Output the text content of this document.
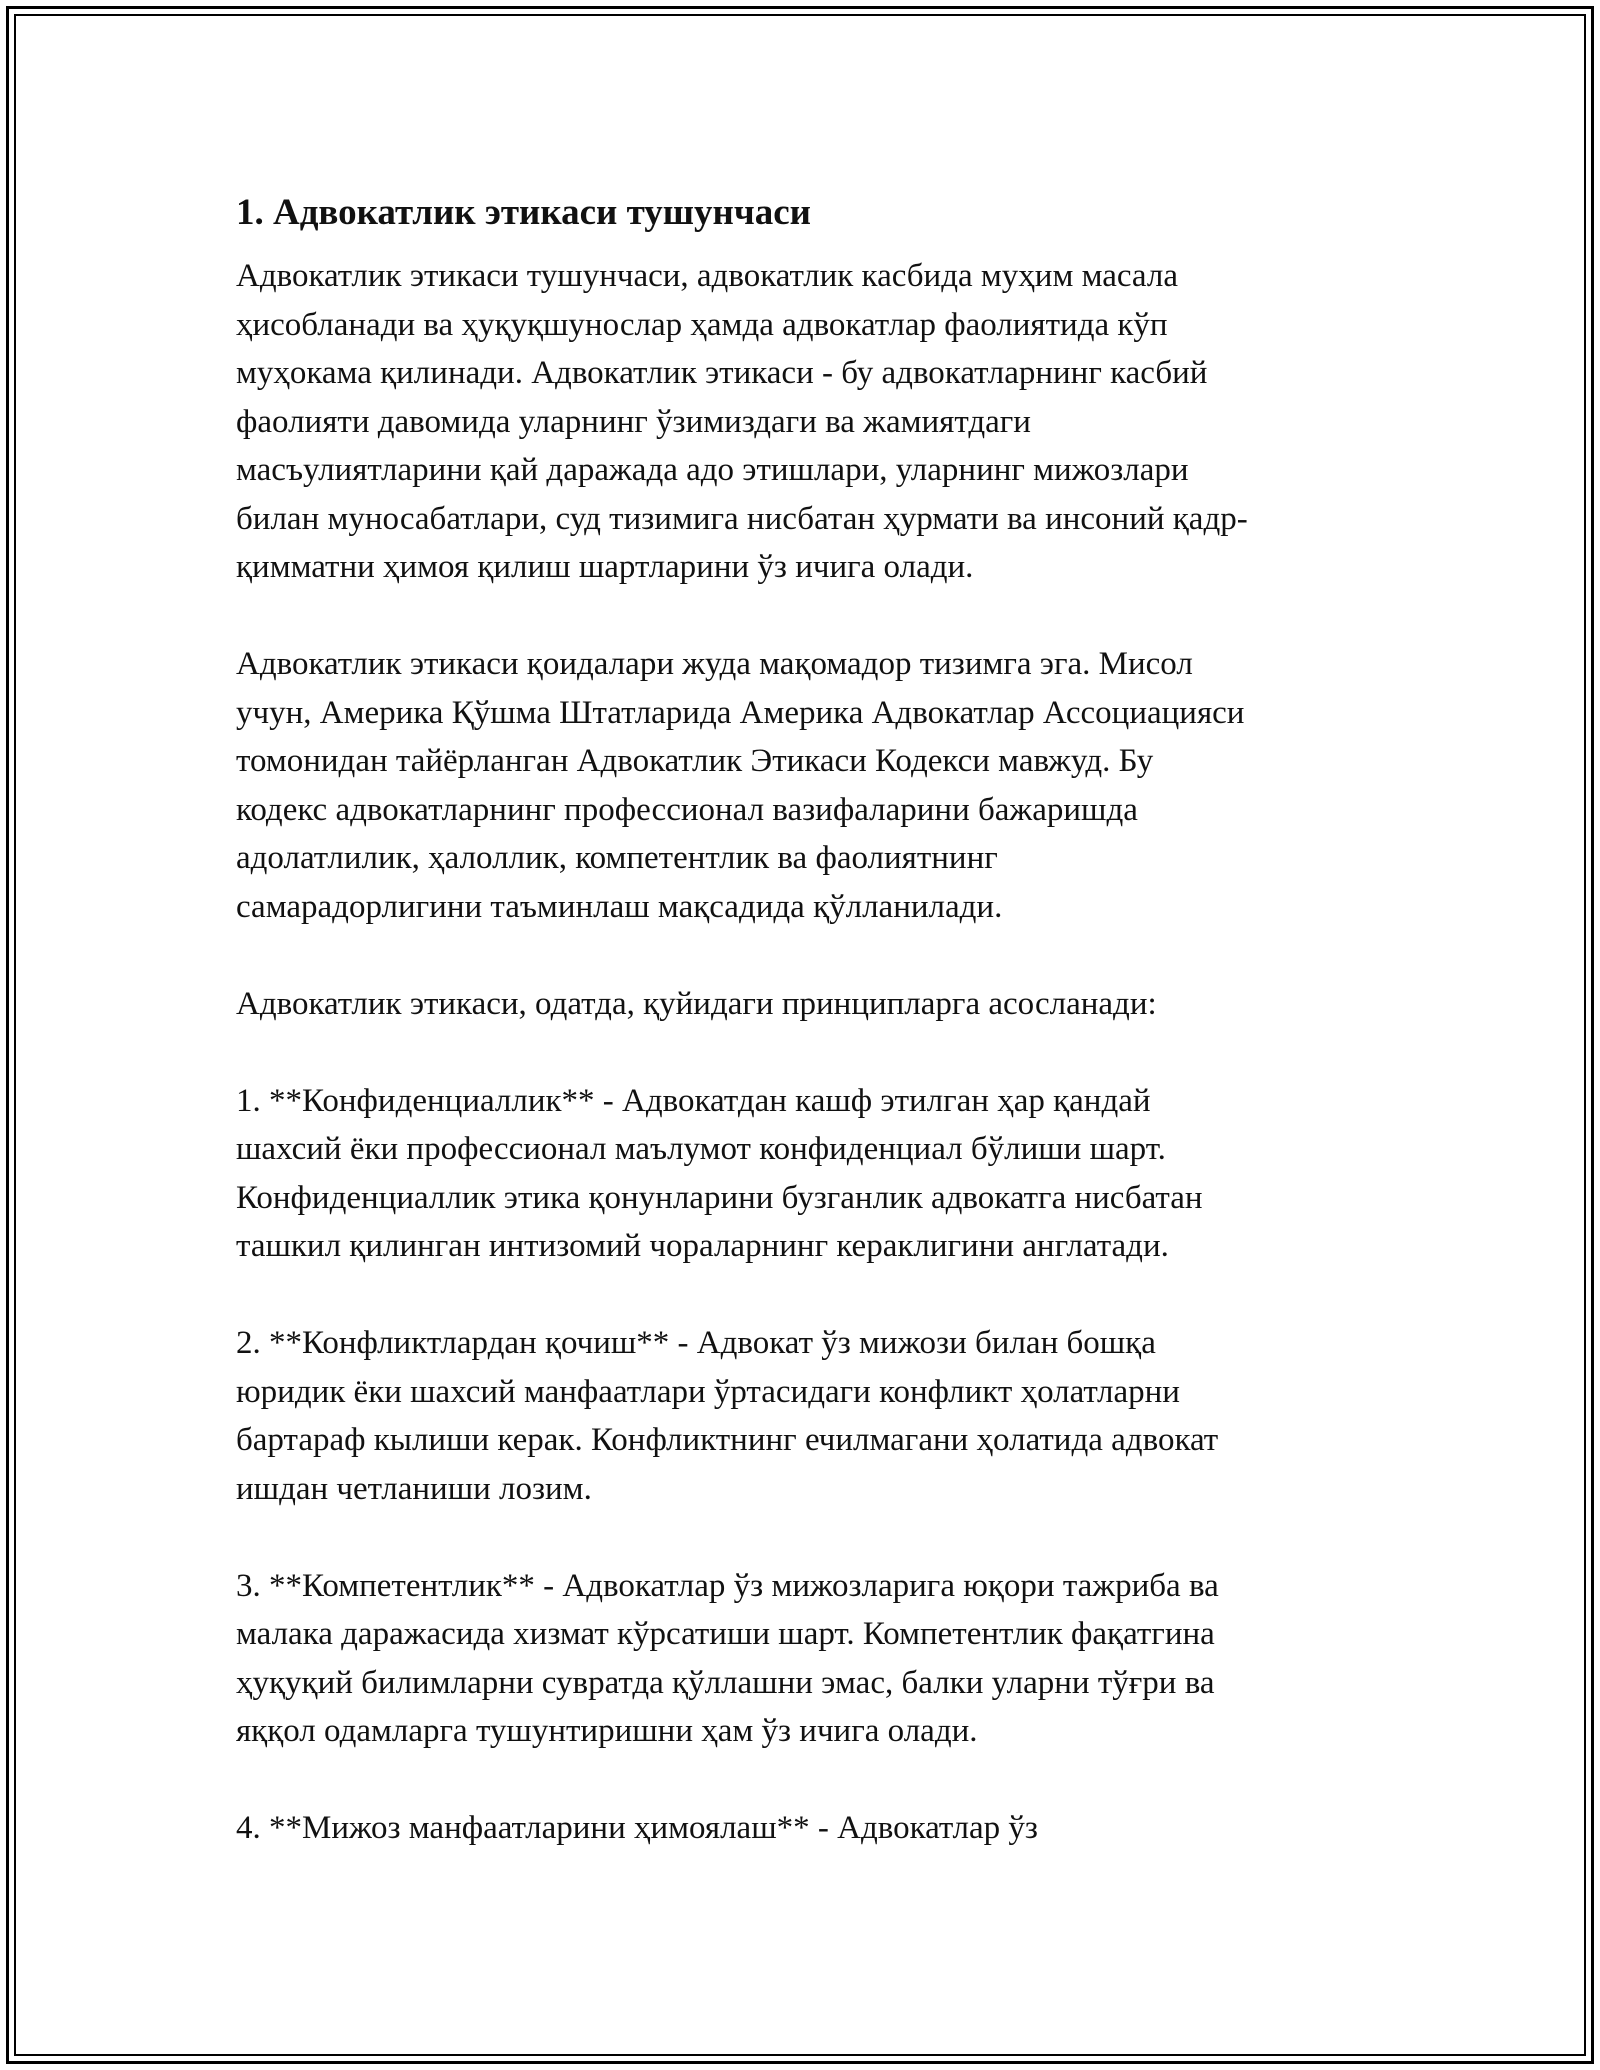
1. Адвокатлик этикаси тушунчаси

Адвокатлик этикаси тушунчаси, адвокатлик касбида муҳим масала
ҳисобланади ва ҳуқуқшунослар ҳамда адвокатлар фаолиятида кўп
муҳокама қилинади. Адвокатлик этикаси - бу адвокатларнинг касбий
фаолияти давомида уларнинг ўзимиздаги ва жамиятдаги
масъулиятларини қай даражада адо этишлари, уларнинг мижозлари
билан муносабатлари, суд тизимига нисбатан ҳурмати ва инсоний қадр-
қимматни ҳимоя қилиш шартларини ўз ичига олади.

Адвокатлик этикаси қоидалари жуда мақомадор тизимга эга. Мисол
учун, Америка Қўшма Штатларида Америка Адвокатлар Ассоциацияси
томонидан тайёрланган Адвокатлик Этикаси Кодекси мавжуд. Бу
кодекс адвокатларнинг профессионал вазифаларини бажаришда
адолатлилик, ҳалоллик, компетентлик ва фаолиятнинг
самарадорлигини таъминлаш мақсадида қўлланилади.

Адвокатлик этикаси, одатда, қуйидаги принципларга асосланади:

1. **Конфиденциаллик** - Адвокатдан кашф этилган ҳар қандай
шахсий ёки профессионал маълумот конфиденциал бўлиши шарт.
Конфиденциаллик этика қонунларини бузганлик адвокатга нисбатан
ташкил қилинган интизомий чораларнинг кераклигини англатади.

2. **Конфликтлардан қочиш** - Адвокат ўз мижози билан бошқа
юридик ёки шахсий манфаатлари ўртасидаги конфликт ҳолатларни
бартараф кылиши керак. Конфликтнинг ечилмагани ҳолатида адвокат
ишдан четланиши лозим.

3. **Компетентлик** - Адвокатлар ўз мижозларига юқори тажриба ва
малака даражасида хизмат кўрсатиши шарт. Компетентлик фақатгина
ҳуқуқий билимларни сувратда қўллашни эмас, балки уларни тўғри ва
яққол одамларга тушунтиришни ҳам ўз ичига олади.

4. **Мижоз манфаатларини ҳимоялаш** - Адвокатлар ўз
